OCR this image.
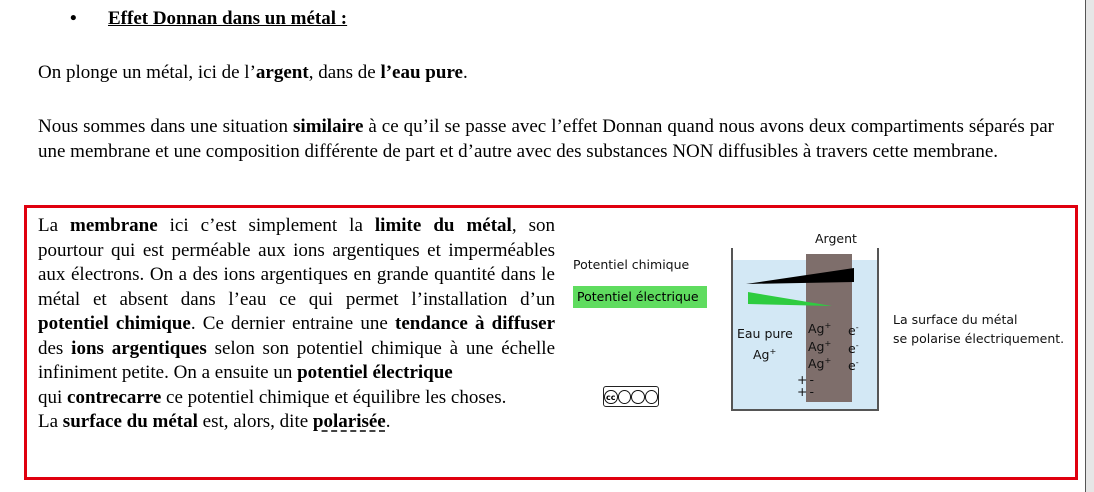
• Effet Donnan dans un métal :
On plonge un métal, ici de l’argent, dans de l’eau pure.
Nous sommes dans une situation similaire à ce qu’il se passe avec l’effet Donnan quand nous avons deux compartiments séparés par une membrane et une composition différente de part et d’autre avec des substances NON diffusibles à travers cette membrane.
La membrane ici c’est simplement la limite du métal, son pourtour qui est perméable aux ions argentiques et imperméables aux électrons. On a des ions argentiques en grande quantité dans le métal et absent dans l’eau ce qui permet l’installation d’un potentiel chimique. Ce dernier entraine une tendance à diffuser des ions argentiques selon son potentiel chimique à une échelle infiniment petite. On a ensuite un potentiel électrique
qui contrecarre ce potentiel chimique et équilibre les choses.
La surface du métal est, alors, dite polarisée.
Potentiel chimique
Potentiel électrique
Argent
Eau pure
Ag+
Ag+
Ag+
Ag+
e-
e-
e-
+ -
+ -
La surface du métal
se polarise électriquement.
cc
